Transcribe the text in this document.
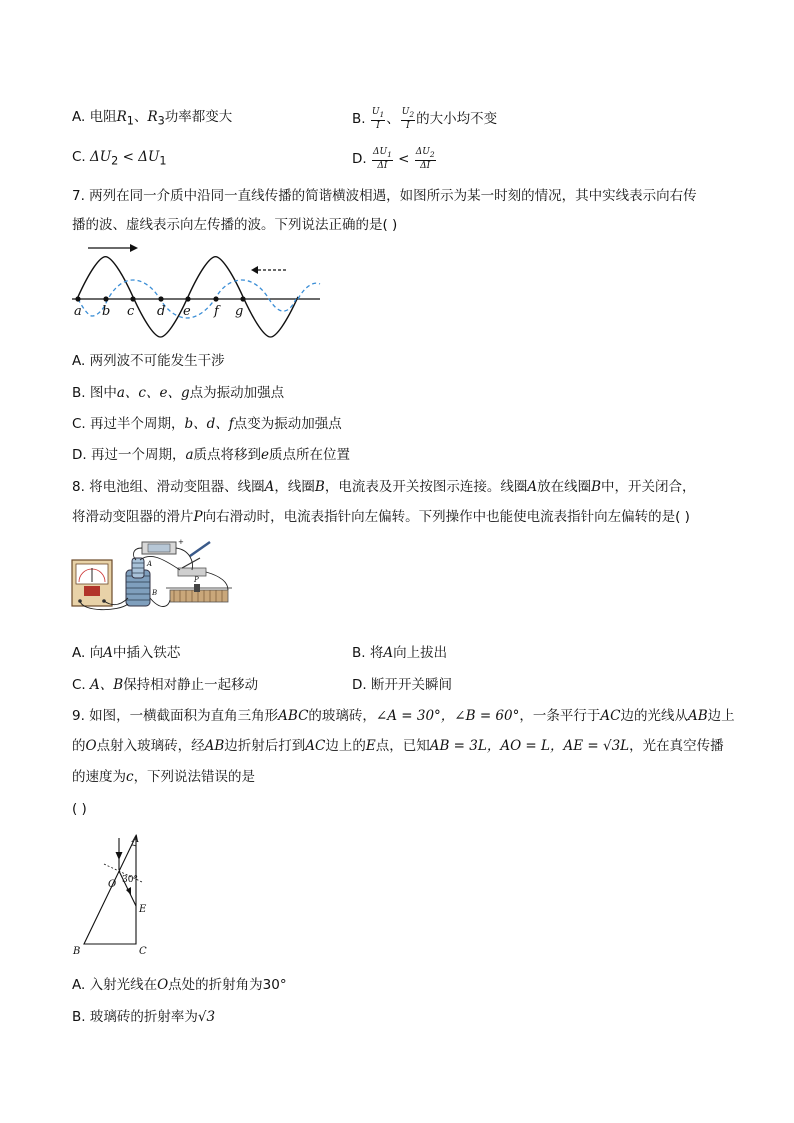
A. 电阻$R_1$、$R_3$功率都变大	B. $\frac{U_1}{I}$ 、 $\frac{U_2}{I}$ 的大小均不变
C. $\Delta U_2 < \Delta U_1$	D. $\frac{\Delta U_1}{\Delta I} < \frac{\Delta U_2}{\Delta I}$
7. 两列在同一介质中沿同一直线传播的简谐横波相遇，如图所示为某一时刻的情况，其中实线表示向右传
播的波、虚线表示向左传播的波。下列说法正确的是( )
a b c d e f g
A. 两列波不可能发生干涉
B. 图中a、c、e、g点为振动加强点
C. 再过半个周期，b、d、f点变为振动加强点
D. 再过一个周期，a质点将移到e质点所在位置
8. 将电池组、滑动变阻器、线圈A，线圈B，电流表及开关按图示连接。线圈A放在线圈B中，开关闭合，
将滑动变阻器的滑片P向右滑动时，电流表指针向左偏转。下列操作中也能使电流表指针向左偏转的是( )
+
A
B
P
A. 向A中插入铁芯	B. 将A向上拔出
C. A、B保持相对静止一起移动	D. 断开开关瞬间
9. 如图，一横截面积为直角三角形ABC的玻璃砖，∠A = 30°，∠B = 60°，一条平行于AC边的光线从AB边上
的O点射入玻璃砖，经AB边折射后打到AC边上的E点，已知AB = 3L，AO = L，AE = √3L，光在真空传播
的速度为c，下列说法错误的是
( )
A
O 30°
E
B	C
A. 入射光线在O点处的折射角为30°
B. 玻璃砖的折射率为√3
